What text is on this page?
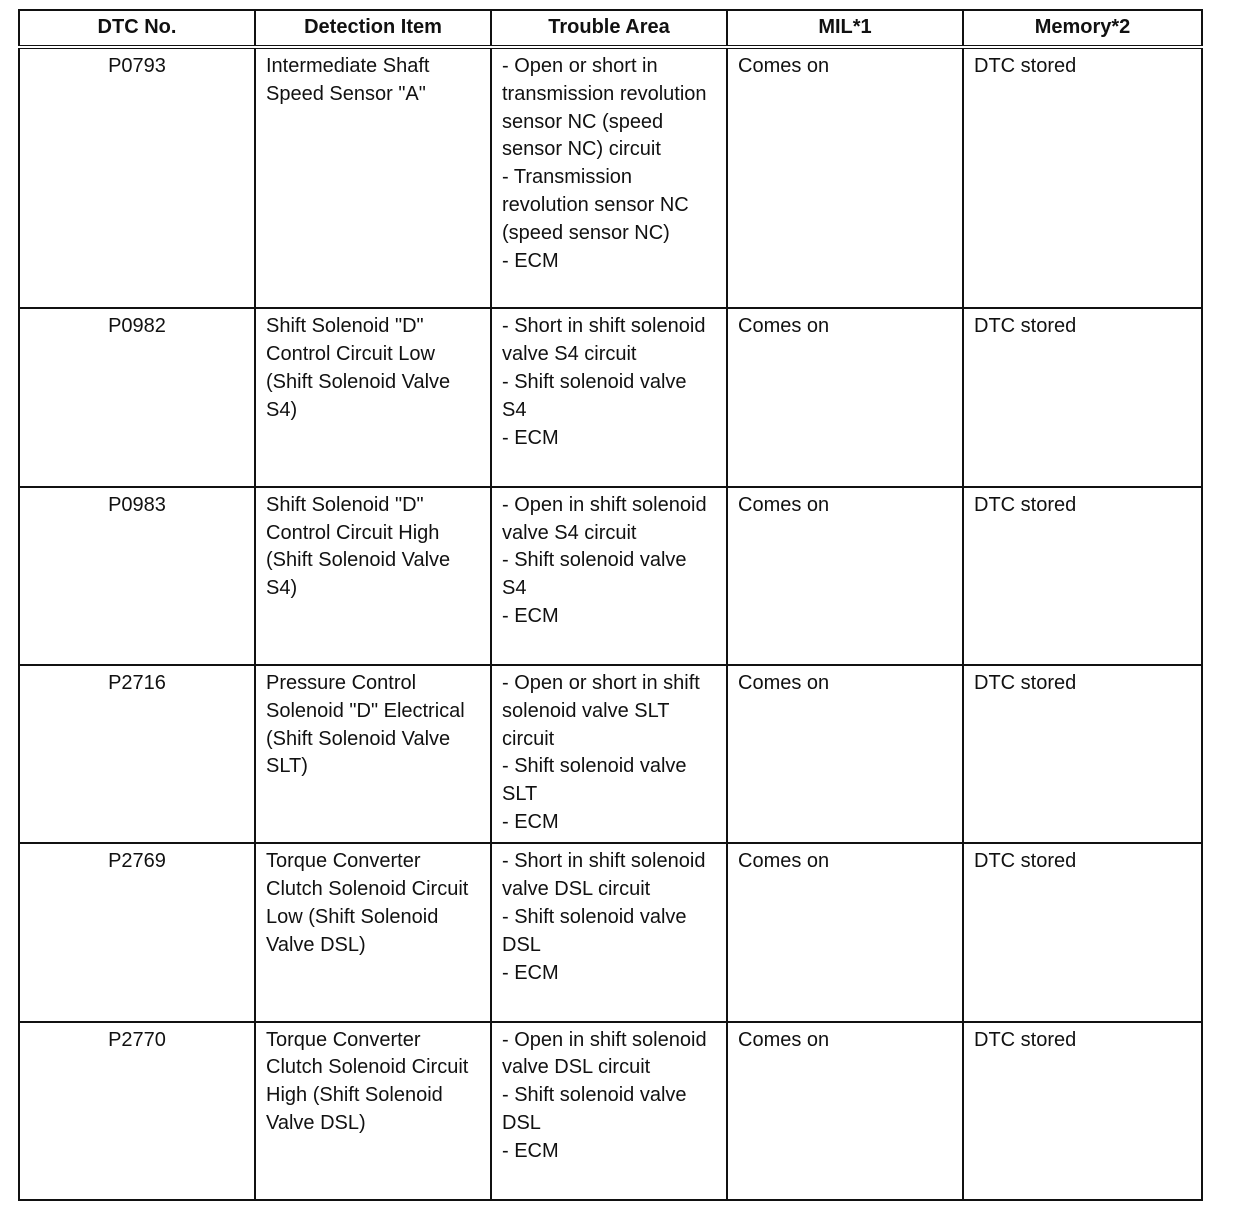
DTC No.	Detection Item	Trouble Area	MIL*1	Memory*2
P0793	Intermediate Shaft Speed Sensor "A"	- Open or short in transmission revolution sensor NC (speed sensor NC) circuit
- Transmission revolution sensor NC (speed sensor NC)
- ECM	Comes on	DTC stored
P0982	Shift Solenoid "D" Control Circuit Low (Shift Solenoid Valve S4)	- Short in shift solenoid valve S4 circuit
- Shift solenoid valve S4
- ECM	Comes on	DTC stored
P0983	Shift Solenoid "D" Control Circuit High (Shift Solenoid Valve S4)	- Open in shift solenoid valve S4 circuit
- Shift solenoid valve S4
- ECM	Comes on	DTC stored
P2716	Pressure Control Solenoid "D" Electrical (Shift Solenoid Valve SLT)	- Open or short in shift solenoid valve SLT circuit
- Shift solenoid valve SLT
- ECM	Comes on	DTC stored
P2769	Torque Converter Clutch Solenoid Circuit Low (Shift Solenoid Valve DSL)	- Short in shift solenoid valve DSL circuit
- Shift solenoid valve DSL
- ECM	Comes on	DTC stored
P2770	Torque Converter Clutch Solenoid Circuit High (Shift Solenoid Valve DSL)	- Open in shift solenoid valve DSL circuit
- Shift solenoid valve DSL
- ECM	Comes on	DTC stored
